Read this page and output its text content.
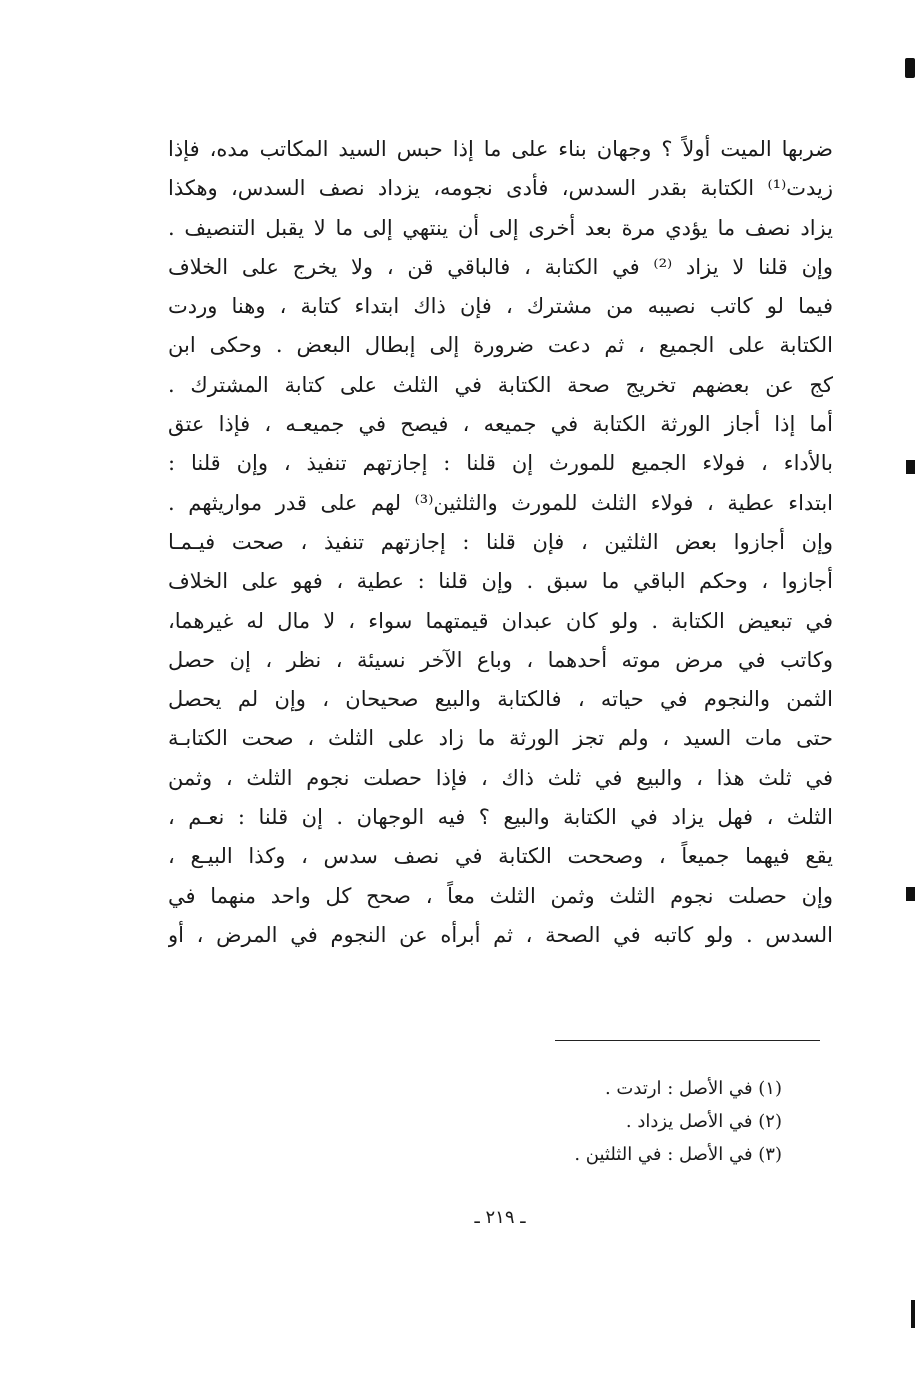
ضربها الميت أولاً ؟ وجهان بناء على ما إذا حبس السيد المكاتب مده، فإذا
زيدت⁽¹⁾ الكتابة بقدر السدس، فأدى نجومه، يزداد نصف السدس، وهكذا
يزاد نصف ما يؤدي مرة بعد أخرى إلى أن ينتهي إلى ما لا يقبل التنصيف .
وإن قلنا لا يزاد ⁽²⁾ في الكتابة ، فالباقي قن ، ولا يخرج على الخلاف
فيما لو كاتب نصيبه من مشترك ، فإن ذاك ابتداء كتابة ، وهنا وردت
الكتابة على الجميع ، ثم دعت ضرورة إلى إبطال البعض . وحكى ابن
كج عن بعضهم تخريج صحة الكتابة في الثلث على كتابة المشترك .
أما إذا أجاز الورثة الكتابة في جميعه ، فيصح في جميعـه ، فإذا عتق
بالأداء ، فولاء الجميع للمورث إن قلنا : إجازتهم تنفيذ ، وإن قلنا :
ابتداء عطية ، فولاء الثلث للمورث والثلثين⁽³⁾ لهم على قدر مواريثهم .
وإن أجازوا بعض الثلثين ، فإن قلنا : إجازتهم تنفيذ ، صحت فيـمـا
أجازوا ، وحكم الباقي ما سبق . وإن قلنا : عطية ، فهو على الخلاف
في تبعيض الكتابة . ولو كان عبدان قيمتهما سواء ، لا مال له غيرهما،
وكاتب في مرض موته أحدهما ، وباع الآخر نسيئة ، نظر ، إن حصل
الثمن والنجوم في حياته ، فالكتابة والبيع صحيحان ، وإن لم يحصل
حتى مات السيد ، ولم تجز الورثة ما زاد على الثلث ، صحت الكتابـة
في ثلث هذا ، والبيع في ثلث ذاك ، فإذا حصلت نجوم الثلث ، وثمن
الثلث ، فهل يزاد في الكتابة والبيع ؟ فيه الوجهان . إن قلنا : نعـم ،
يقع فيهما جميعاً ، وصححت الكتابة في نصف سدس ، وكذا البيـع ،
وإن حصلت نجوم الثلث وثمن الثلث معاً ، صحح كل واحد منهما في
السدس . ولو كاتبه في الصحة ، ثم أبرأه عن النجوم في المرض ، أو
(١) في الأصل : ارتدت .
(٢) في الأصل يزداد .
(٣) في الأصل : في الثلثين .
ـ ٢١٩ ـ
